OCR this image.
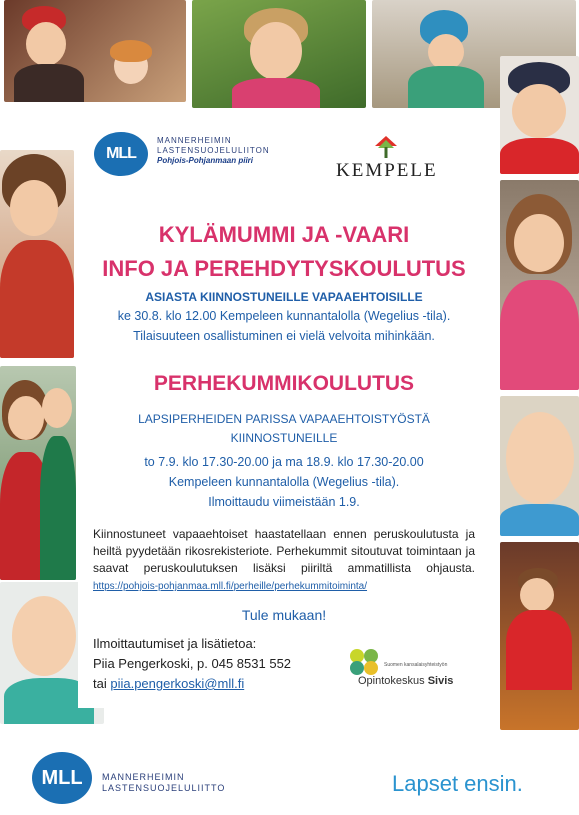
MLL
MANNERHEIMIN
LASTENSUOJELULIITON
Pohjois-Pohjanmaan piiri	KEMPELE
KYLÄMUMMI JA -VAARI
INFO JA PEREHDYTYSKOULUTUS
ASIASTA KIINNOSTUNEILLE VAPAAEHTOISILLE
ke 30.8. klo 12.00 Kempeleen kunnantalolla (Wegelius -tila).
Tilaisuuteen osallistuminen ei vielä velvoita mihinkään.
PERHEKUMMIKOULUTUS
LAPSIPERHEIDEN PARISSA VAPAAEHTOISTYÖSTÄ
KIINNOSTUNEILLE
to 7.9. klo 17.30-20.00 ja ma 18.9. klo 17.30-20.00
Kempeleen kunnantalolla (Wegelius -tila).
Ilmoittaudu viimeistään 1.9.
Kiinnostuneet vapaaehtoiset haastatellaan ennen peruskoulutusta ja heiltä pyydetään rikosrekisteriote. Perhekummit sitoutuvat toimintaan ja saavat peruskoulutuksen lisäksi piiriltä ammatillista ohjausta. https://pohjois-pohjanmaa.mll.fi/perheille/perhekummitoiminta/
Tule mukaan!
Ilmoittautumiset ja lisätietoa:
Piia Pengerkoski, p. 045 8531 552
tai piia.pengerkoski@mll.fi
Suomen kansalaisyhteistyön
Opintokeskus Sivis
MLL	MANNERHEIMIN
LASTENSUOJELULIITTO	Lapset ensin.
